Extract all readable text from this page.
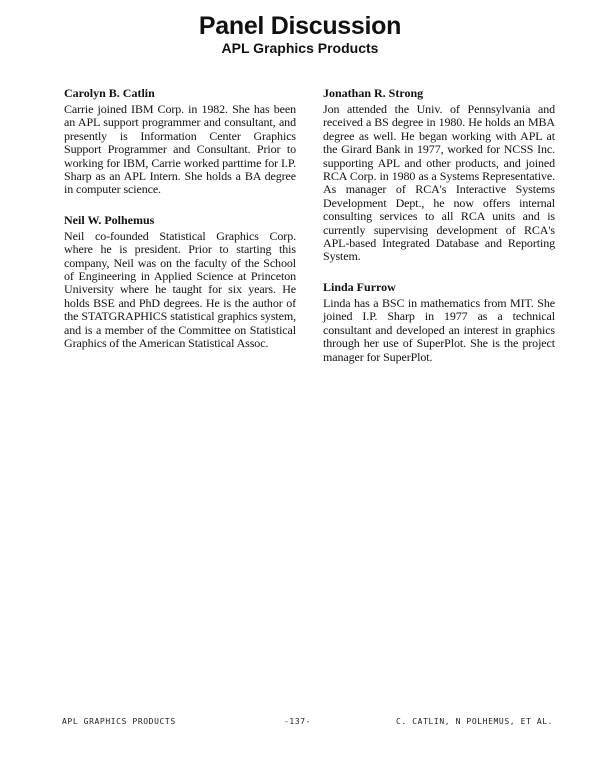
Panel Discussion
APL Graphics Products

Carolyn B. Catlin

Carrie joined IBM Corp. in 1982. She has been an APL support programmer and consultant, and presently is Information Center Graphics Support Programmer and Consultant. Prior to working for IBM, Carrie worked parttime for I.P. Sharp as an APL Intern. She holds a BA degree in computer science.

Neil W. Polhemus

Neil co-founded Statistical Graphics Corp. where he is president. Prior to starting this company, Neil was on the faculty of the School of Engineering in Applied Science at Princeton University where he taught for six years. He holds BSE and PhD degrees. He is the author of the STATGRAPHICS statistical graphics system, and is a member of the Committee on Statistical Graphics of the American Statistical Assoc.

Jonathan R. Strong

Jon attended the Univ. of Pennsylvania and received a BS degree in 1980. He holds an MBA degree as well. He began working with APL at the Girard Bank in 1977, worked for NCSS Inc. supporting APL and other products, and joined RCA Corp. in 1980 as a Systems Representative. As manager of RCA's Interactive Systems Development Dept., he now offers internal consulting services to all RCA units and is currently supervising development of RCA's APL-based Integrated Database and Reporting System.

Linda Furrow

Linda has a BSC in mathematics from MIT. She joined I.P. Sharp in 1977 as a technical consultant and developed an interest in graphics through her use of SuperPlot. She is the project manager for SuperPlot.

APL GRAPHICS PRODUCTS	-137-	C. CATLIN, N POLHEMUS, ET AL.
